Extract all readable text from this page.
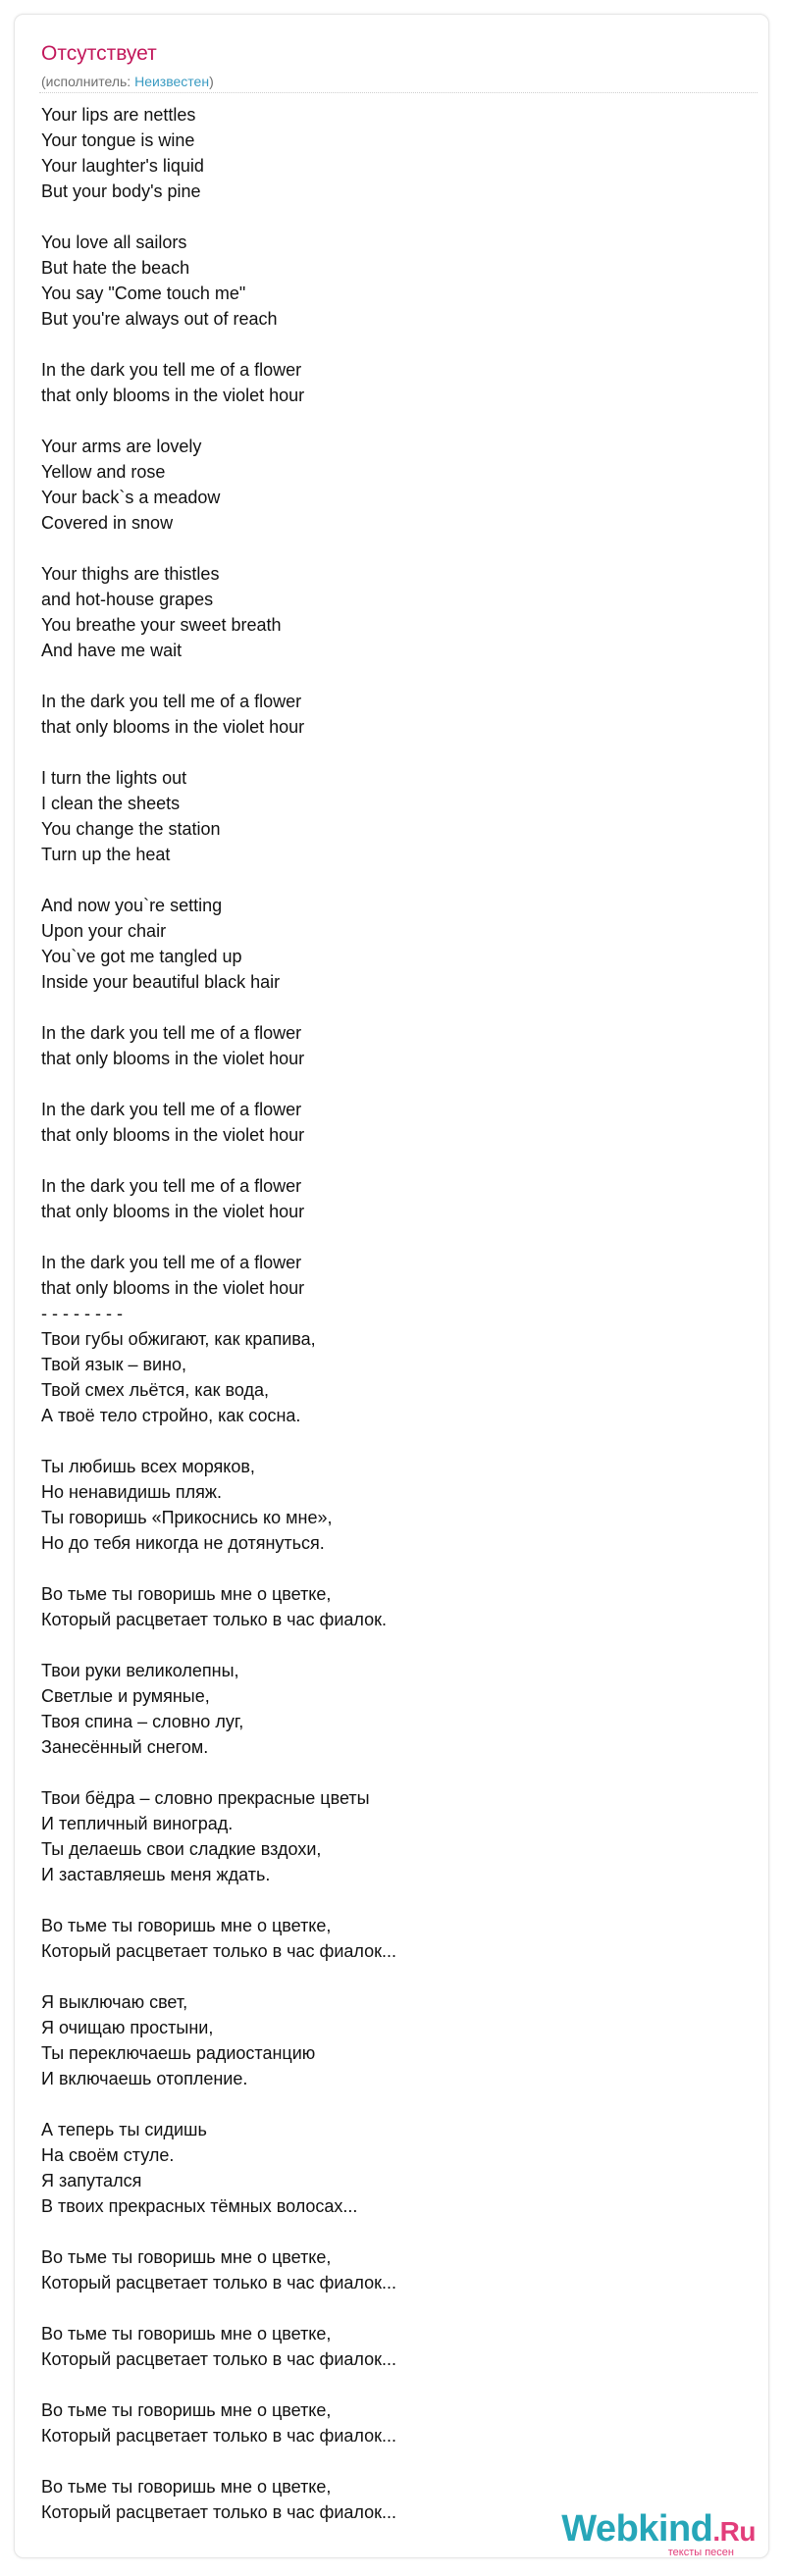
Отсутствует
(исполнитель: Неизвестен)
Your lips are nettles
Your tongue is wine
Your laughter's liquid
But your body's pine
You love all sailors
But hate the beach
You say "Come touch me"
But you're always out of reach
In the dark you tell me of a flower
that only blooms in the violet hour
Your arms are lovely
Yellow and rose
Your back`s a meadow
Covered in snow
Your thighs are thistles
and hot-house grapes
You breathe your sweet breath
And have me wait
In the dark you tell me of a flower
that only blooms in the violet hour
I turn the lights out
I clean the sheets
You change the station
Turn up the heat
And now you`re setting
Upon your chair
You`ve got me tangled up
Inside your beautiful black hair
In the dark you tell me of a flower
that only blooms in the violet hour
In the dark you tell me of a flower
that only blooms in the violet hour
In the dark you tell me of a flower
that only blooms in the violet hour
In the dark you tell me of a flower
that only blooms in the violet hour
- - - - - - - -
Твои губы обжигают, как крапива,
Твой язык – вино,
Твой смех льётся, как вода,
А твоё тело стройно, как сосна.
Ты любишь всех моряков,
Но ненавидишь пляж.
Ты говоришь «Прикоснись ко мне»,
Но до тебя никогда не дотянуться.
Во тьме ты говоришь мне о цветке,
Который расцветает только в час фиалок.
Твои руки великолепны,
Светлые и румяные,
Твоя спина – словно луг,
Занесённый снегом.
Твои бёдра – словно прекрасные цветы
И тепличный виноград.
Ты делаешь свои сладкие вздохи,
И заставляешь меня ждать.
Во тьме ты говоришь мне о цветке,
Который расцветает только в час фиалок...
Я выключаю свет,
Я очищаю простыни,
Ты переключаешь радиостанцию
И включаешь отопление.
А теперь ты сидишь
На своём стуле.
Я запутался
В твоих прекрасных тёмных волосах...
Во тьме ты говоришь мне о цветке,
Который расцветает только в час фиалок...
Во тьме ты говоришь мне о цветке,
Который расцветает только в час фиалок...
Во тьме ты говоришь мне о цветке,
Который расцветает только в час фиалок...
Во тьме ты говоришь мне о цветке,
Который расцветает только в час фиалок...	Webkind.Ru
тексты песен
